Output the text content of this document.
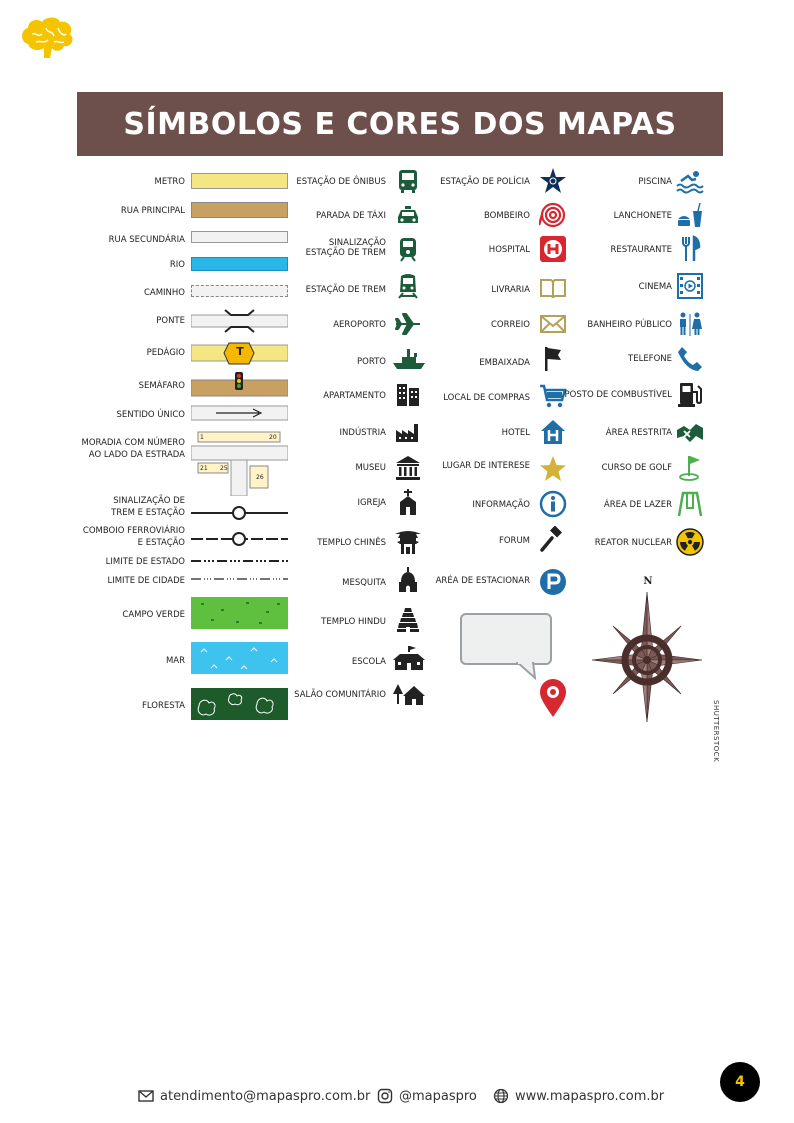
SÍMBOLOS E CORES DOS MAPAS
METRO
RUA PRINCIPAL
RUA SECUNDÁRIA
RIO
CAMINHO
PONTE
PEDÁGIO	T
SEMÁFARO
SENTIDO ÚNICO
MORADIA COM NÚMERO
AO LADO DA ESTRADA
1	20
21	25
26
SINALIZAÇÃO DE
TREM E ESTAÇÃO
COMBOIO FERROVIÁRIO
E ESTAÇÃO
LIMITE DE ESTADO
LIMITE DE CIDADE
CAMPO VERDE
MAR
FLORESTA
ESTAÇÃO DE ÔNIBUS
PARADA DE TÁXI
SINALIZAÇÃO
ESTAÇÃO DE TREM
ESTAÇÃO DE TREM
AEROPORTO
PORTO
APARTAMENTO
INDÚSTRIA
MUSEU
IGREJA
TEMPLO CHINÊS
MESQUITA
TEMPLO HINDU
ESCOLA
SALÃO COMUNITÁRIO
ESTAÇÃO DE POLÍCIA
BOMBEIRO
HOSPITAL
LIVRARIA
CORREIO
EMBAIXADA
LOCAL DE COMPRAS
HOTEL
LUGAR DE INTERESE
INFORMAÇÃO
FORUM
ARÉA DE ESTACIONAR
PISCINA
LANCHONETE
RESTAURANTE
CINEMA
BANHEIRO PÚBLICO
TELEFONE
POSTO DE COMBUSTÍVEL
ÁREA RESTRITA
CURSO DE GOLF
ÁREA DE LAZER
REATOR NUCLEAR
N
SHUTTERSTOCK
4
atendimento@mapaspro.com.br @mapaspro	www.mapaspro.com.br
